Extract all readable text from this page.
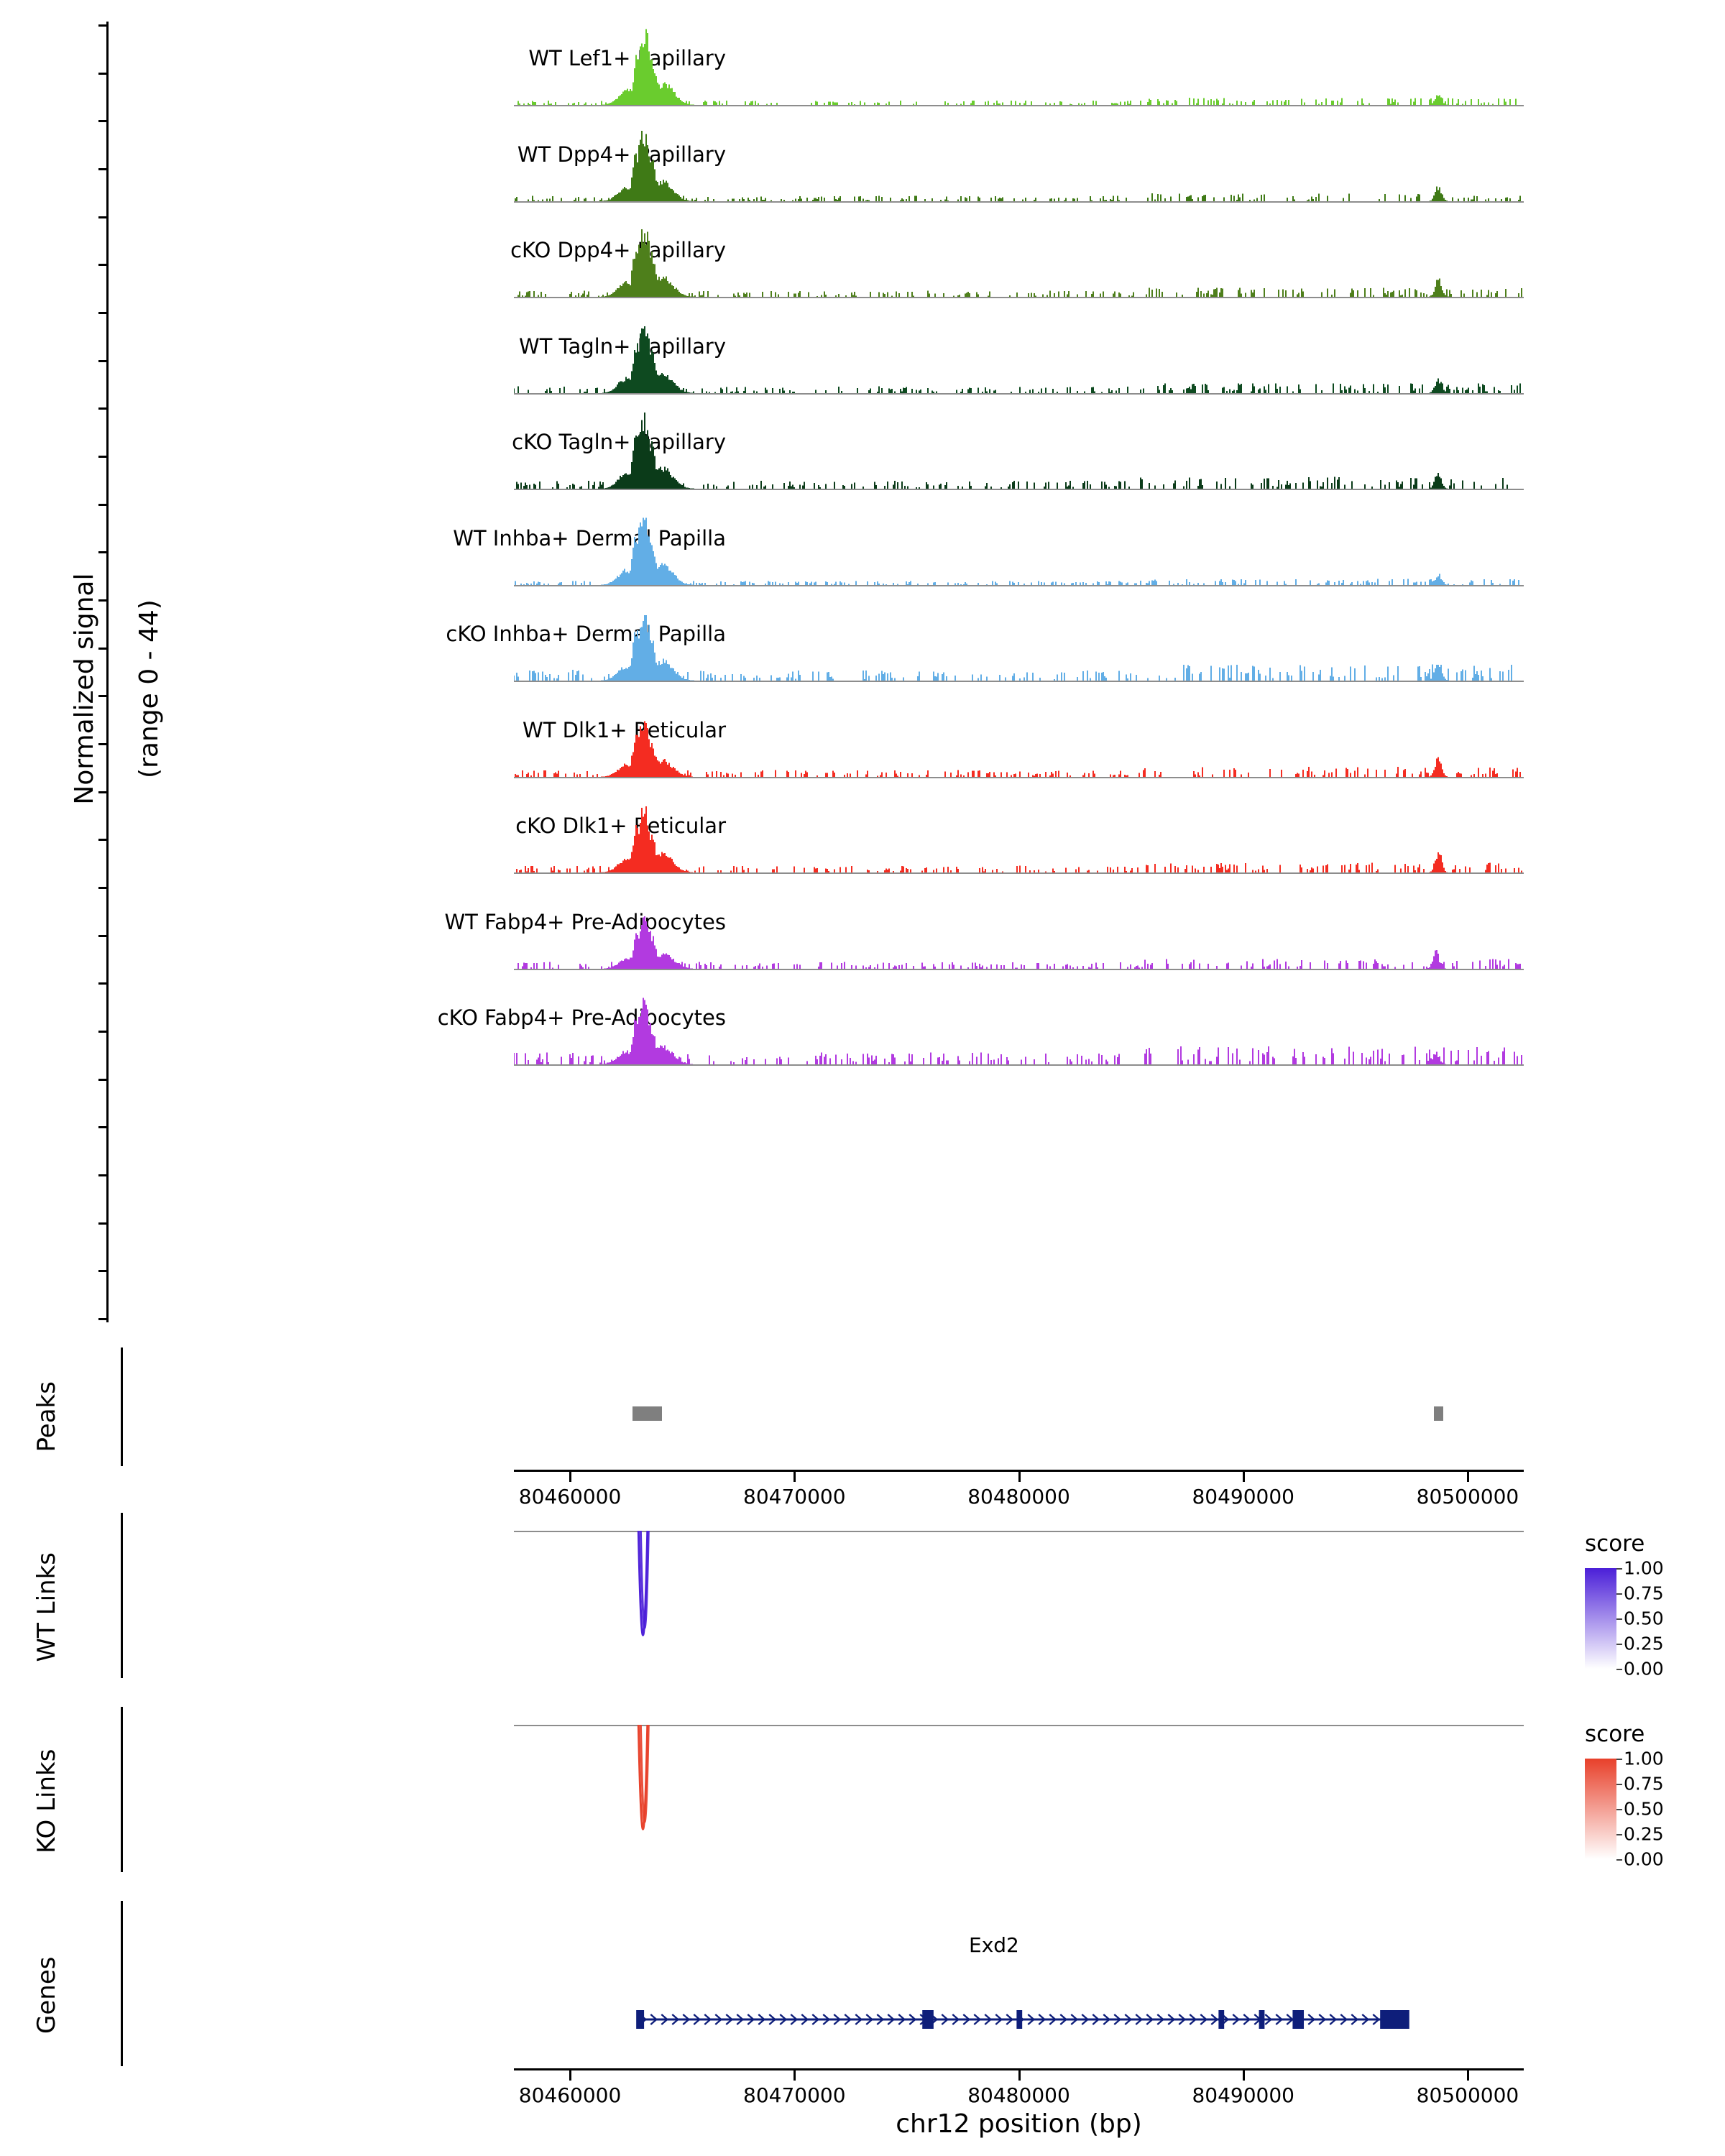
Normalized signal (range 0 - 44)

WT Lef1+ Papillary
WT Dpp4+ Papillary
cKO Dpp4+ Papillary
WT Tagln+ Papillary
cKO Tagln+ Papillary
WT Inhba+ Dermal Papilla
cKO Inhba+ Dermal Papilla
WT Dlk1+ Reticular
cKO Dlk1+ Reticular
WT Fabp4+ Pre-Adipocytes
cKO Fabp4+ Pre-Adipocytes
Peaks
80460000	80470000	80480000	80490000	80500000
WT Links
score
1.00
0.75
0.50
0.25
0.00
KO Links
score
1.00
0.75
0.50
0.25
0.00
Genes
Exd2
80460000	80470000	80480000	80490000	80500000
chr12 position (bp)
